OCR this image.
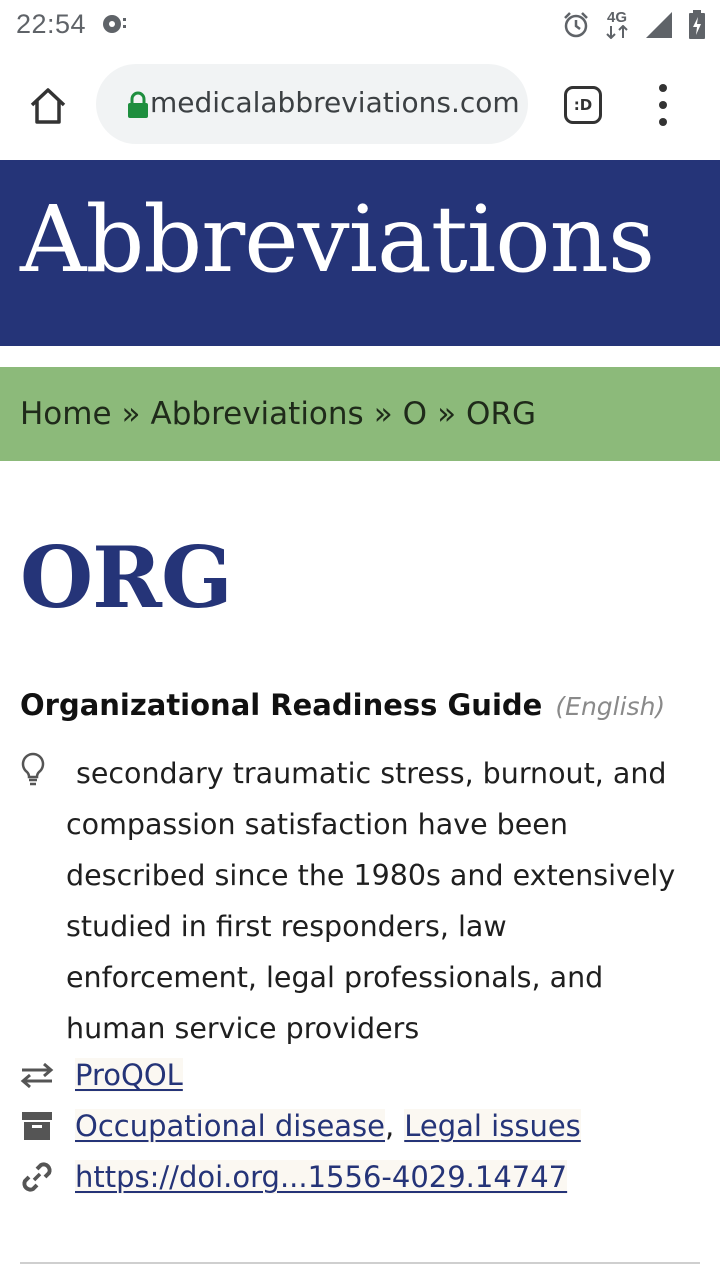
22:54	4G
medicalabbreviations.com	:D
Abbreviations
Home » Abbreviations » O » ORG
ORG
Organizational Readiness Guide (English)
secondary traumatic stress, burnout, and compassion satisfaction have been described since the 1980s and extensively studied in first responders, law enforcement, legal professionals, and human service providers
ProQOL
Occupational disease , Legal issues
https://doi.org...1556-4029.14747
